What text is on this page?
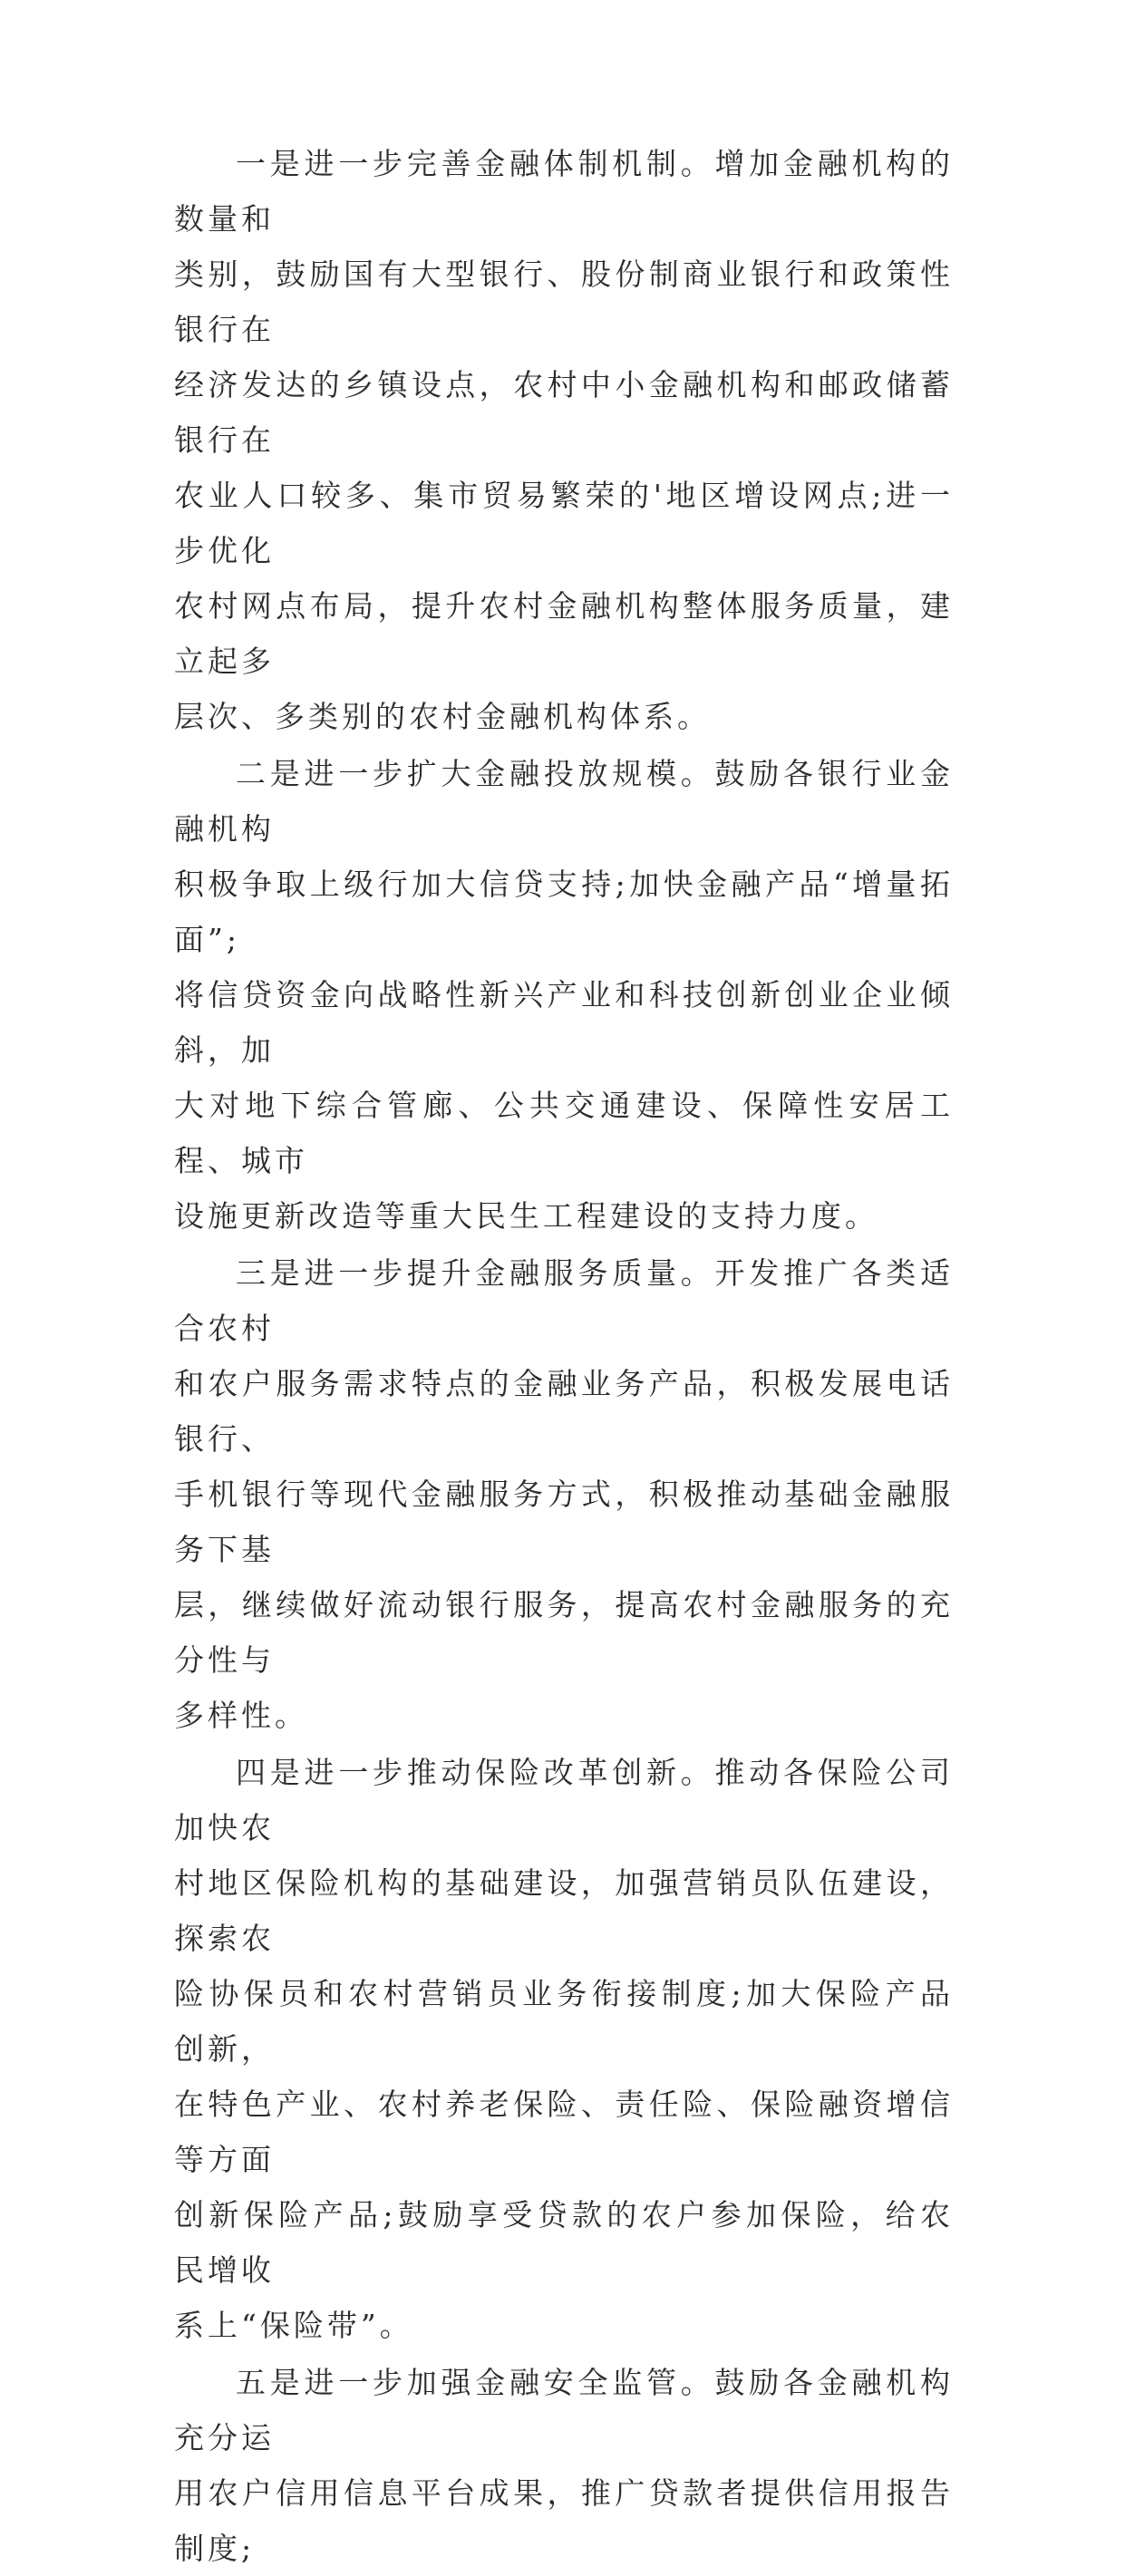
一是进一步完善金融体制机制。增加金融机构的数量和
类别，鼓励国有大型银行、股份制商业银行和政策性银行在
经济发达的乡镇设点，农村中小金融机构和邮政储蓄银行在
农业人口较多、集市贸易繁荣的'地区增设网点;进一步优化
农村网点布局，提升农村金融机构整体服务质量，建立起多
层次、多类别的农村金融机构体系。

二是进一步扩大金融投放规模。鼓励各银行业金融机构
积极争取上级行加大信贷支持;加快金融产品“增量拓面”;
将信贷资金向战略性新兴产业和科技创新创业企业倾斜，加
大对地下综合管廊、公共交通建设、保障性安居工程、城市
设施更新改造等重大民生工程建设的支持力度。

三是进一步提升金融服务质量。开发推广各类适合农村
和农户服务需求特点的金融业务产品，积极发展电话银行、
手机银行等现代金融服务方式，积极推动基础金融服务下基
层，继续做好流动银行服务，提高农村金融服务的充分性与
多样性。

四是进一步推动保险改革创新。推动各保险公司加快农
村地区保险机构的基础建设，加强营销员队伍建设，探索农
险协保员和农村营销员业务衔接制度;加大保险产品创新，
在特色产业、农村养老保险、责任险、保险融资增信等方面
创新保险产品;鼓励享受贷款的农户参加保险，给农民增收
系上“保险带”。

五是进一步加强金融安全监管。鼓励各金融机构充分运
用农户信用信息平台成果，推广贷款者提供信用报告制度;
